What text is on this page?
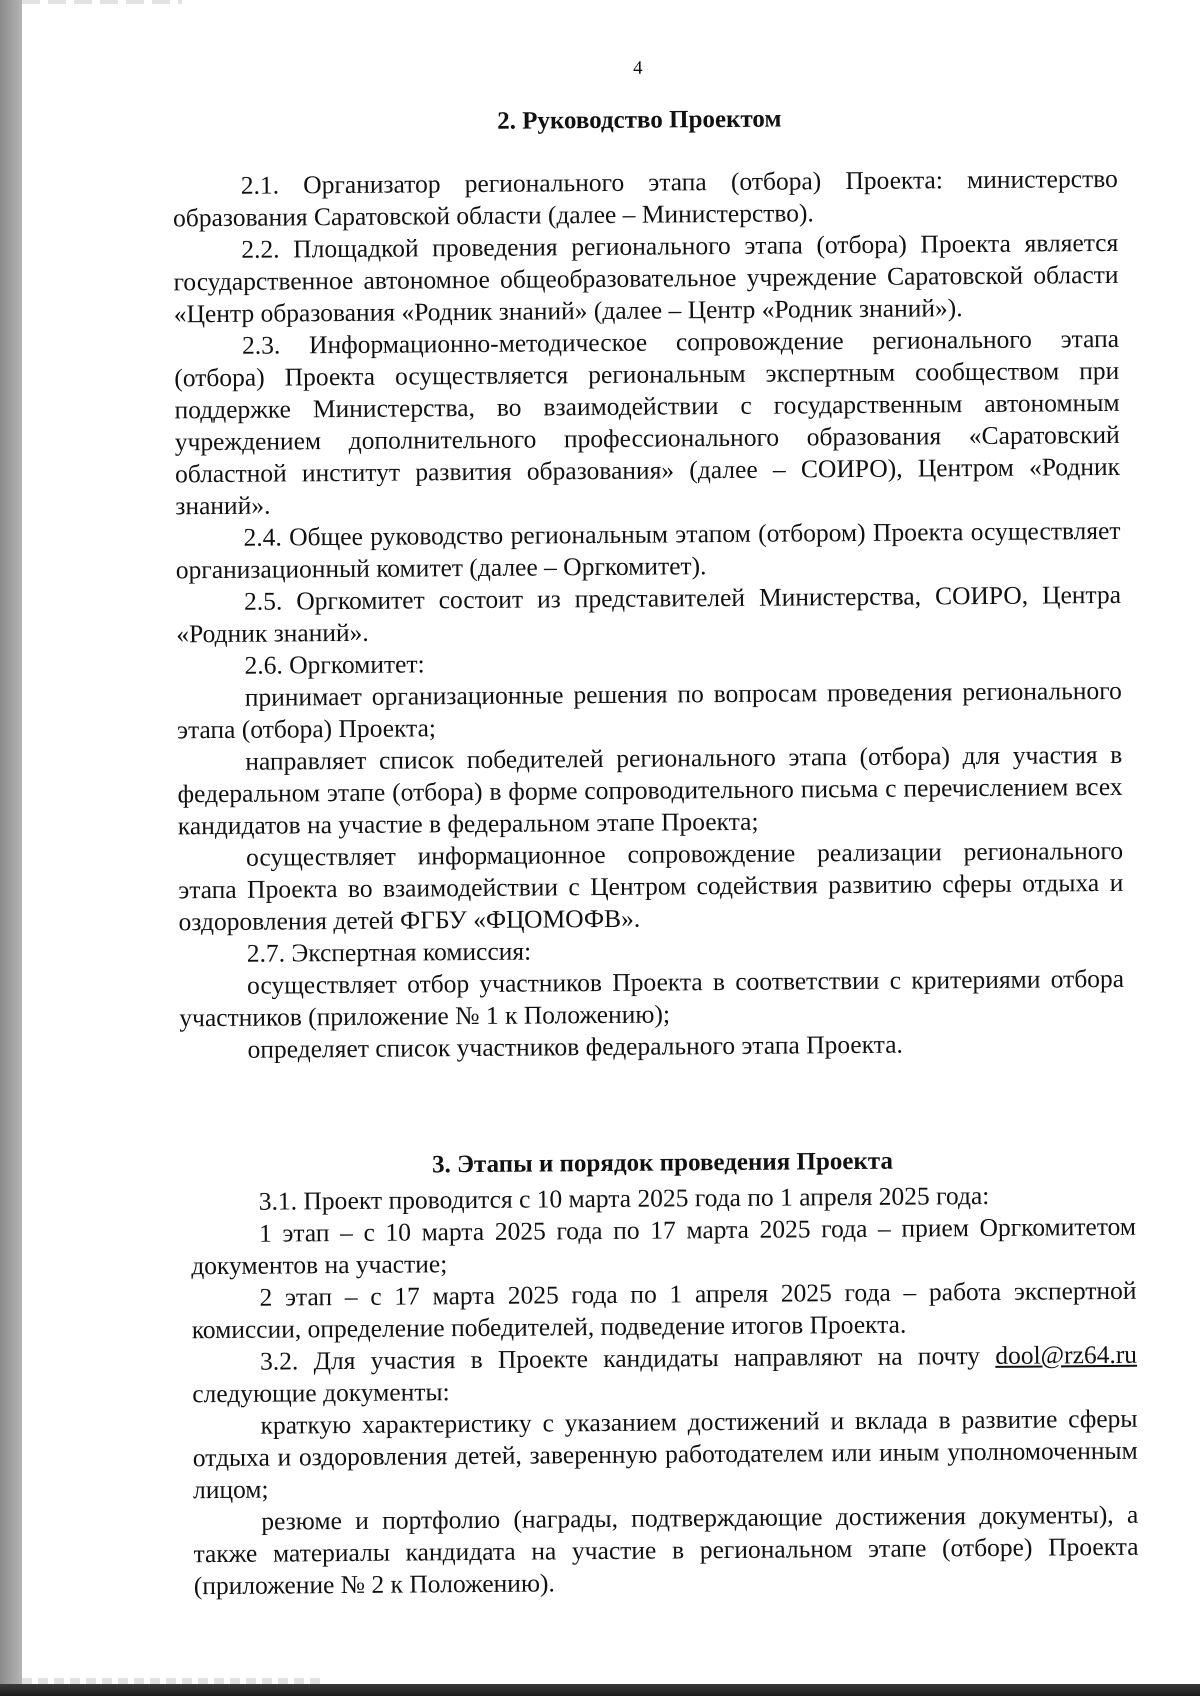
4
2. Руководство Проектом

2.1. Организатор регионального этапа (отбора) Проекта: министерство образования Саратовской области (далее – Министерство).

2.2. Площадкой проведения регионального этапа (отбора) Проекта является государственное автономное общеобразовательное учреждение Саратовской области «Центр образования «Родник знаний» (далее – Центр «Родник знаний»).

2.3. Информационно-методическое сопровождение регионального этапа (отбора) Проекта осуществляется региональным экспертным сообществом при поддержке Министерства, во взаимодействии с государственным автономным учреждением дополнительного профессионального образования «Саратовский областной институт развития образования» (далее – СОИРО), Центром «Родник знаний».

2.4. Общее руководство региональным этапом (отбором) Проекта осуществляет организационный комитет (далее – Оргкомитет).

2.5. Оргкомитет состоит из представителей Министерства, СОИРО, Центра «Родник знаний».

2.6. Оргкомитет:

принимает организационные решения по вопросам проведения регионального этапа (отбора) Проекта;

направляет список победителей регионального этапа (отбора) для участия в федеральном этапе (отбора) в форме сопроводительного письма с перечислением всех кандидатов на участие в федеральном этапе Проекта;

осуществляет информационное сопровождение реализации регионального этапа Проекта во взаимодействии с Центром содействия развитию сферы отдыха и оздоровления детей ФГБУ «ФЦОМОФВ».

2.7. Экспертная комиссия:

осуществляет отбор участников Проекта в соответствии с критериями отбора участников (приложение № 1 к Положению);

определяет список участников федерального этапа Проекта.

3. Этапы и порядок проведения Проекта

3.1. Проект проводится с 10 марта 2025 года по 1 апреля 2025 года:

1 этап – с 10 марта 2025 года по 17 марта 2025 года – прием Оргкомитетом документов на участие;

2 этап – с 17 марта 2025 года по 1 апреля 2025 года – работа экспертной комиссии, определение победителей, подведение итогов Проекта.

3.2. Для участия в Проекте кандидаты направляют на почту dool@rz64.ru следующие документы:

краткую характеристику с указанием достижений и вклада в развитие сферы отдыха и оздоровления детей, заверенную работодателем или иным уполномоченным лицом;

резюме и портфолио (награды, подтверждающие достижения документы), а также материалы кандидата на участие в региональном этапе (отборе) Проекта (приложение № 2 к Положению).
